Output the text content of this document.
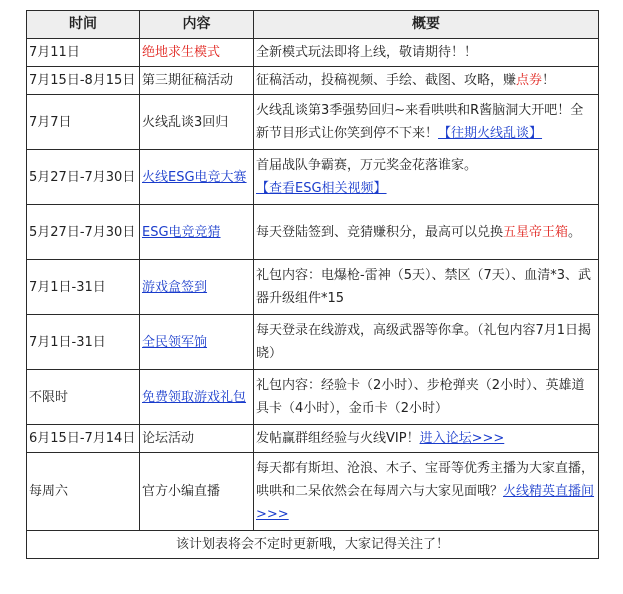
时间	内容	概要
7月11日	绝地求生模式	全新模式玩法即将上线，敬请期待！！
7月15日-8月15日	第三期征稿活动	征稿活动，投稿视频、手绘、截图、攻略，赚点券！
7月7日	火线乱谈3回归	火线乱谈第3季强势回归~来看哄哄和R酱脑洞大开吧！全新节目形式让你笑到停不下来！【往期火线乱谈】
5月27日-7月30日	火线ESG电竞大赛	首届战队争霸赛，万元奖金花落谁家。
【查看ESG相关视频】
5月27日-7月30日	ESG电竞竞猜	每天登陆签到、竞猜赚积分，最高可以兑换五星帝王箱。
7月1日-31日	游戏盒签到	礼包内容：电爆枪-雷神（5天）、禁区（7天）、血清*3、武器升级组件*15
7月1日-31日	全民领军饷	每天登录在线游戏，高级武器等你拿。（礼包内容7月1日揭晓）
不限时	免费领取游戏礼包	礼包内容：经验卡（2小时）、步枪弹夹（2小时）、英雄道具卡（4小时），金币卡（2小时）
6月15日-7月14日	论坛活动	发帖赢群组经验与火线VIP！进入论坛>>>
每周六	官方小编直播	每天都有斯坦、沧浪、木子、宝哥等优秀主播为大家直播，哄哄和二呆依然会在每周六与大家见面哦？火线精英直播间>>>
该计划表将会不定时更新哦，大家记得关注了！		
